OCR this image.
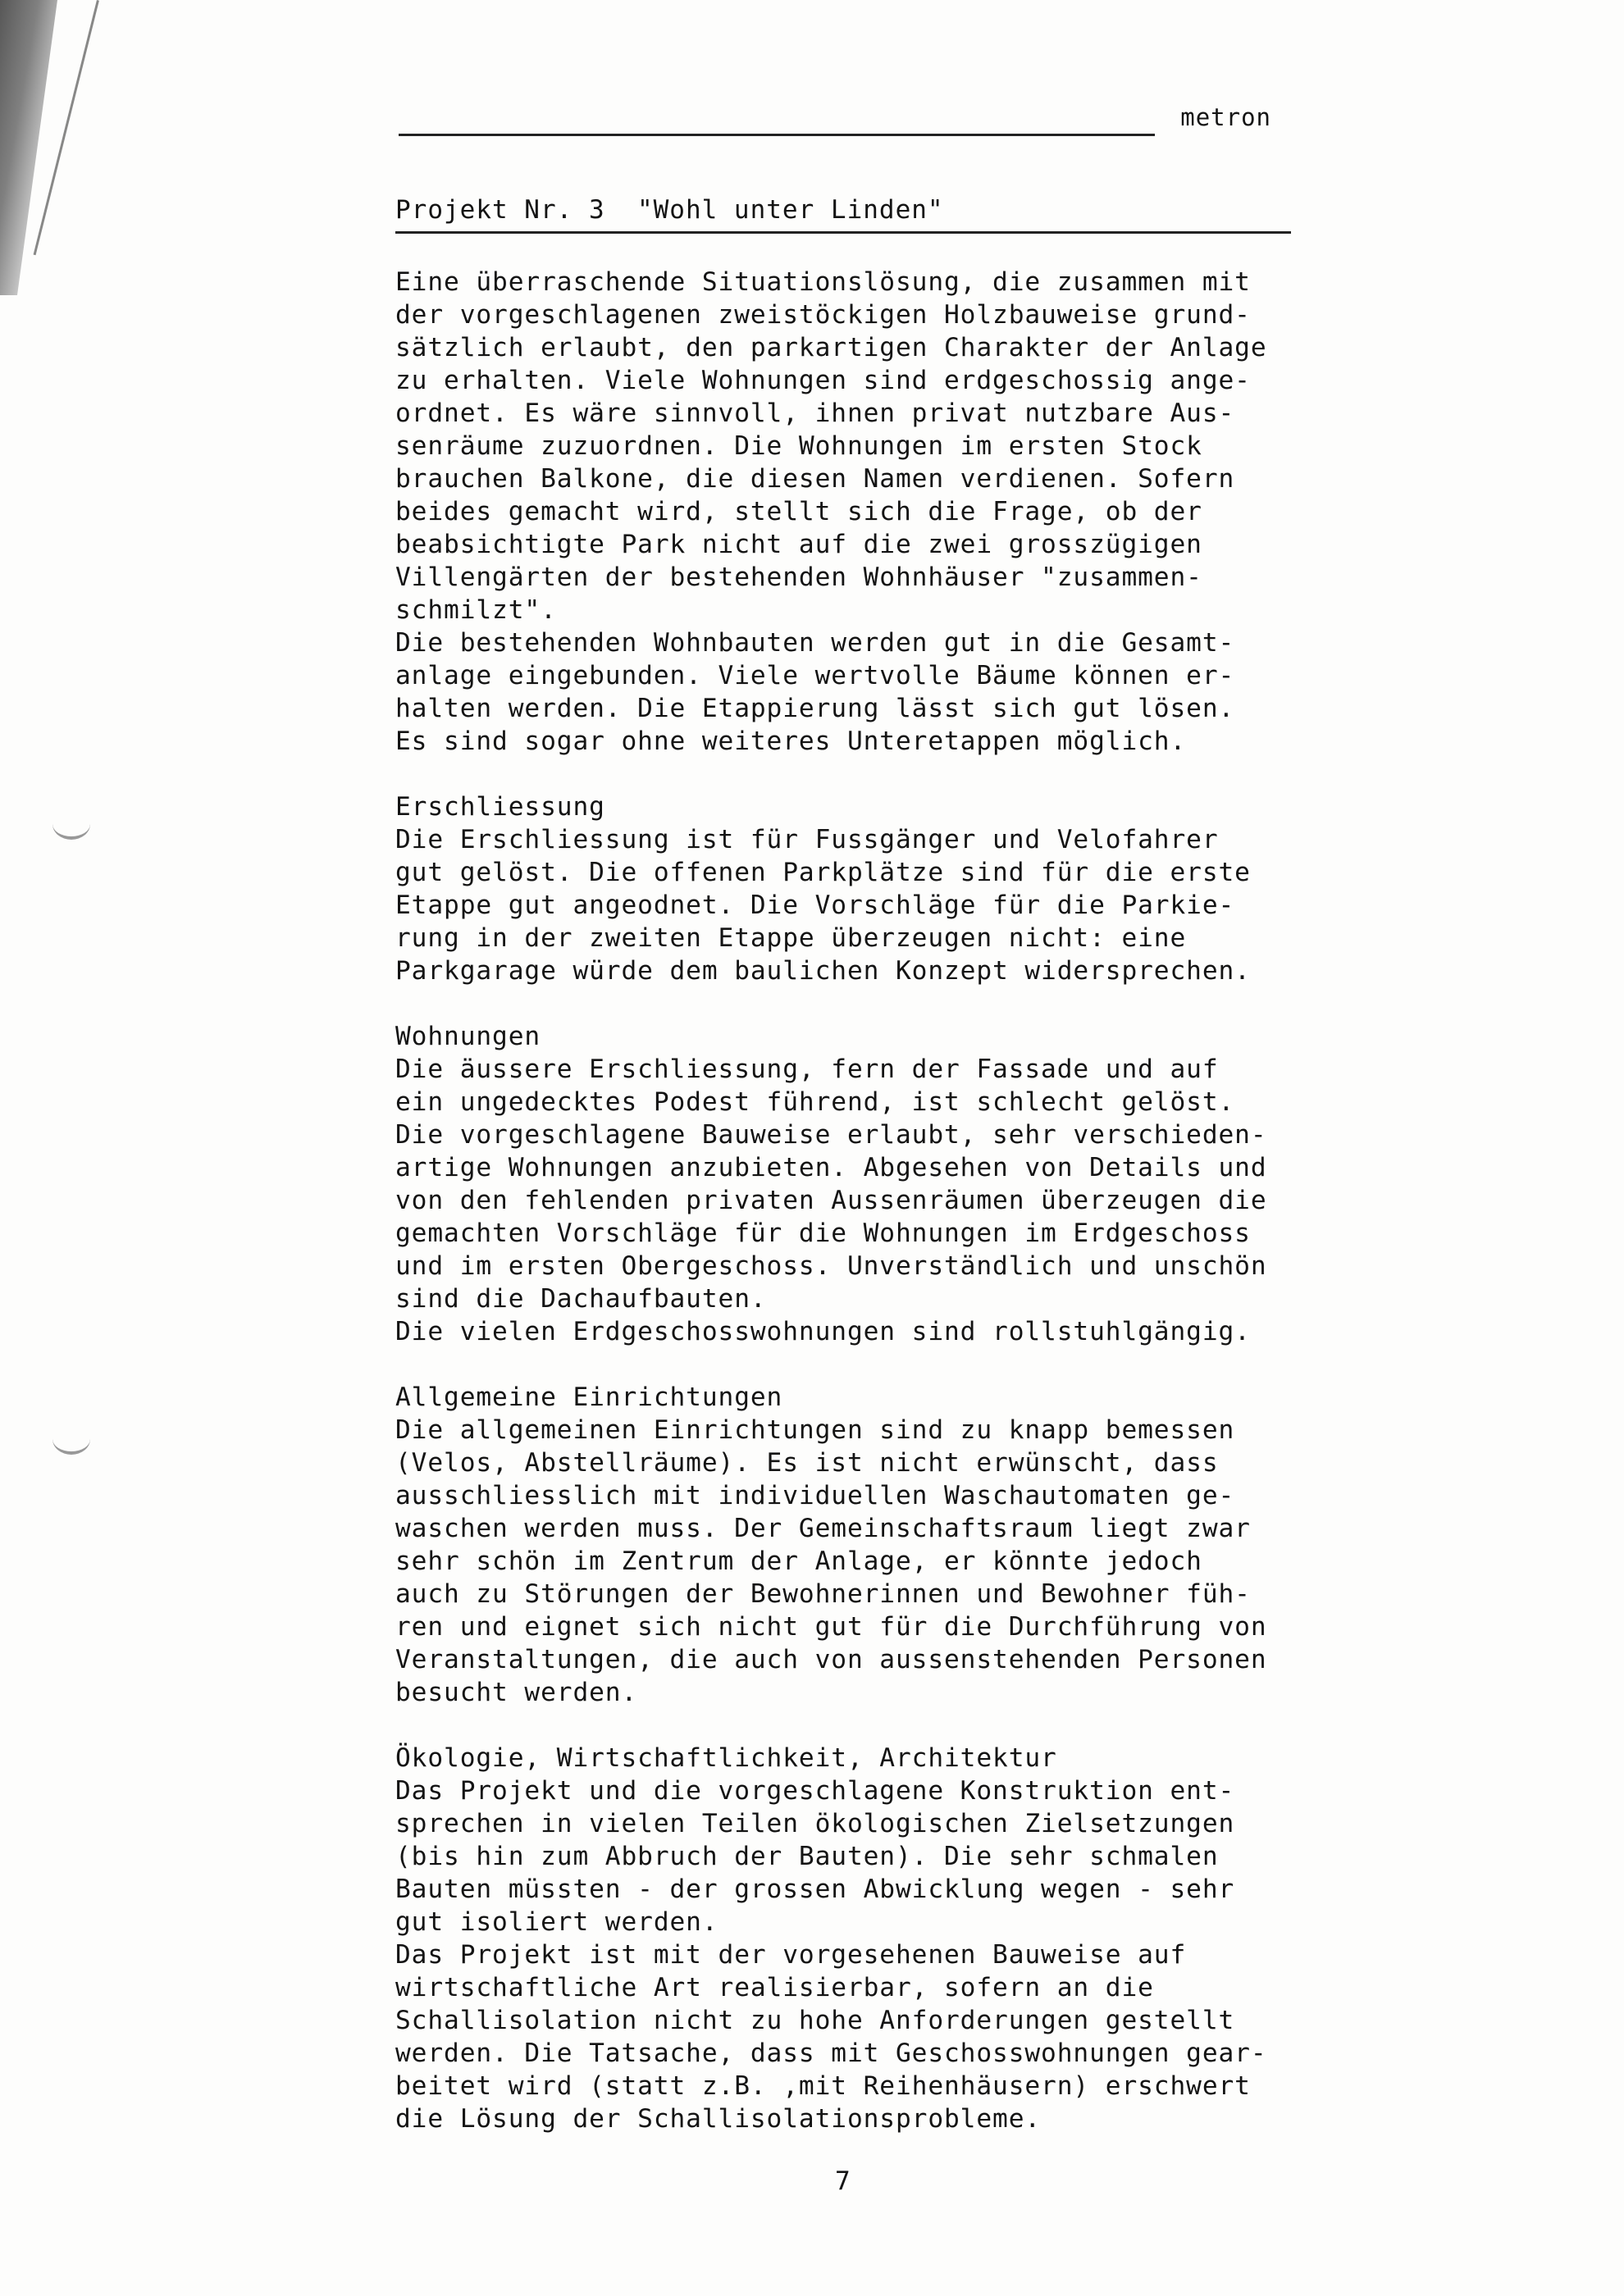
metron
Projekt Nr. 3  "Wohl unter Linden"
Eine überraschende Situationslösung, die zusammen mit
der vorgeschlagenen zweistöckigen Holzbauweise grund-
sätzlich erlaubt, den parkartigen Charakter der Anlage
zu erhalten. Viele Wohnungen sind erdgeschossig ange-
ordnet. Es wäre sinnvoll, ihnen privat nutzbare Aus-
senräume zuzuordnen. Die Wohnungen im ersten Stock
brauchen Balkone, die diesen Namen verdienen. Sofern
beides gemacht wird, stellt sich die Frage, ob der
beabsichtigte Park nicht auf die zwei grosszügigen
Villengärten der bestehenden Wohnhäuser "zusammen-
schmilzt".
Die bestehenden Wohnbauten werden gut in die Gesamt-
anlage eingebunden. Viele wertvolle Bäume können er-
halten werden. Die Etappierung lässt sich gut lösen.
Es sind sogar ohne weiteres Unteretappen möglich.
Erschliessung
Die Erschliessung ist für Fussgänger und Velofahrer
gut gelöst. Die offenen Parkplätze sind für die erste
Etappe gut angeodnet. Die Vorschläge für die Parkie-
rung in der zweiten Etappe überzeugen nicht: eine
Parkgarage würde dem baulichen Konzept widersprechen.
Wohnungen
Die äussere Erschliessung, fern der Fassade und auf
ein ungedecktes Podest führend, ist schlecht gelöst.
Die vorgeschlagene Bauweise erlaubt, sehr verschieden-
artige Wohnungen anzubieten. Abgesehen von Details und
von den fehlenden privaten Aussenräumen überzeugen die
gemachten Vorschläge für die Wohnungen im Erdgeschoss
und im ersten Obergeschoss. Unverständlich und unschön
sind die Dachaufbauten.
Die vielen Erdgeschosswohnungen sind rollstuhlgängig.
Allgemeine Einrichtungen
Die allgemeinen Einrichtungen sind zu knapp bemessen
(Velos, Abstellräume). Es ist nicht erwünscht, dass
ausschliesslich mit individuellen Waschautomaten ge-
waschen werden muss. Der Gemeinschaftsraum liegt zwar
sehr schön im Zentrum der Anlage, er könnte jedoch
auch zu Störungen der Bewohnerinnen und Bewohner füh-
ren und eignet sich nicht gut für die Durchführung von
Veranstaltungen, die auch von aussenstehenden Personen
besucht werden.
Ökologie, Wirtschaftlichkeit, Architektur
Das Projekt und die vorgeschlagene Konstruktion ent-
sprechen in vielen Teilen ökologischen Zielsetzungen
(bis hin zum Abbruch der Bauten). Die sehr schmalen
Bauten müssten - der grossen Abwicklung wegen - sehr
gut isoliert werden.
Das Projekt ist mit der vorgesehenen Bauweise auf
wirtschaftliche Art realisierbar, sofern an die
Schallisolation nicht zu hohe Anforderungen gestellt
werden. Die Tatsache, dass mit Geschosswohnungen gear-
beitet wird (statt z.B. ,mit Reihenhäusern) erschwert
die Lösung der Schallisolationsprobleme.
7
